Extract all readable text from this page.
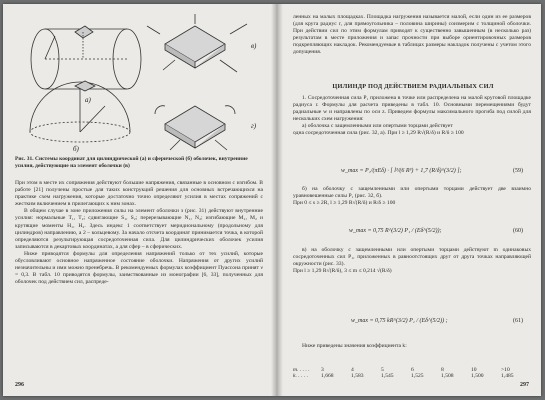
а)
б)
в)
г)
Рис. 31. Системы координат для цилиндрической (а) и сферической (б) оболочек, внутренние усилия, действующие на элемент оболочки (в)

При этом в месте их сопряжения действуют большие напряжения, связанные в основном с изгибом. В работе [21] получены простые для таких конструкций решения для основных встречающихся на практике схем нагружения, которые достаточно точно определяют усилия в местах сопряжений с жестким включением в прилегающих к ним зонах.

В общем случае в зоне приложения силы на элемент оболочки з (рис. 31) действуют внутренние усилия: нормальные T₁, T₂; сдвигающие S₁, S₂; перерезывающие N₁, N₂; изгибающие M₁, M₂ и крутящие моменты H₁, H₂. Здесь индекс 1 соответствует меридиональному (продольному для цилиндров) направлению, а 2 – кольцевому. За начало отсчета координат принимается точка, в которой определяются результирующая сосредоточенная сила. Для цилиндрических оболочек усилия записываются в декартовых координатах, а для сфер – в сферических.

Ниже приводятся формулы для определения напряжений только от тех усилий, которые обусловливают основное напряженное состояние оболочки. Напряжения от других усилий незначительны и ими можно пренебречь. В рекомендуемых формулах коэффициент Пуассона принят ν = 0,3. В табл. 10 приводятся формулы, заимствованные из монографии [6, 33], полученных для оболочек под действием сил, распреде-

296

ленных на малых площадках. Площадка нагружения называется малой, если один из ее размеров (для круга радиус r, для прямоугольника – половина ширины) соизмерим с толщиной оболочки. При действии сил по этим формулам приводят к существенно завышенным (в несколько раз) результатам в месте приложения и запас прочности при выборе ориентировочных размеров подкрепляющих накладок. Рекомендуемые в таблицах размеры накладок получены с учетом этого допущения.

ЦИЛИНДР ПОД ДЕЙСТВИЕМ РАДИАЛЬНЫХ СИЛ

1. Сосредоточенная сила P₁ приложена в точке или распределена на малой круговой площадке радиуса r. Формулы для расчета приведены в табл. 10. Основными перемещениями будут радиальные w и направлены по оси z. Приведем формулы максимального прогиба под силой для нескольких схем нагружения:

а) оболочка с защемленными или опертыми торцами действует

одна сосредоточенная сила (рис. 32, а). При l ≥ 1,29 R√(R/δ) и R/δ ≥ 100

w_max = P₁/(πEδ) · [ l³/(6 R³) + 1,7 (R/δ)^(3/2) ];	(59)

б) на оболочку с защемленными или опертыми торцами действует две взаимно уравновешенные силы P₁ (рис. 32, б).

При 0 ≤ s ≥ 2R, l ≥ 1,29 R√(R/δ) и R/δ ≥ 100

w_max = 0,75 R^(3/2) P₁ / (Eδ^(5/2));	(60)

в) на оболочку с защемленными или опертыми торцами действуют m одинаковых сосредоточенных сил P₁, приложенных в равноотстоящих друг от друга точках направляющей окружности (рис. 33).

При l ≥ 1,29 R√(R/δ), 3 ≤ m ≤ 0,214 √(R/δ)

w_max = 0,75 kR^(3/2) P₁ / (Eδ^(5/2)) ;	(61)

Ниже приведены значения коэффициента k:

m. . . . .	3	4	5	6	8	10	>10
k. . . . .	1,668	1,583	1,545	1,525	1,508	1,500	1,485
297
